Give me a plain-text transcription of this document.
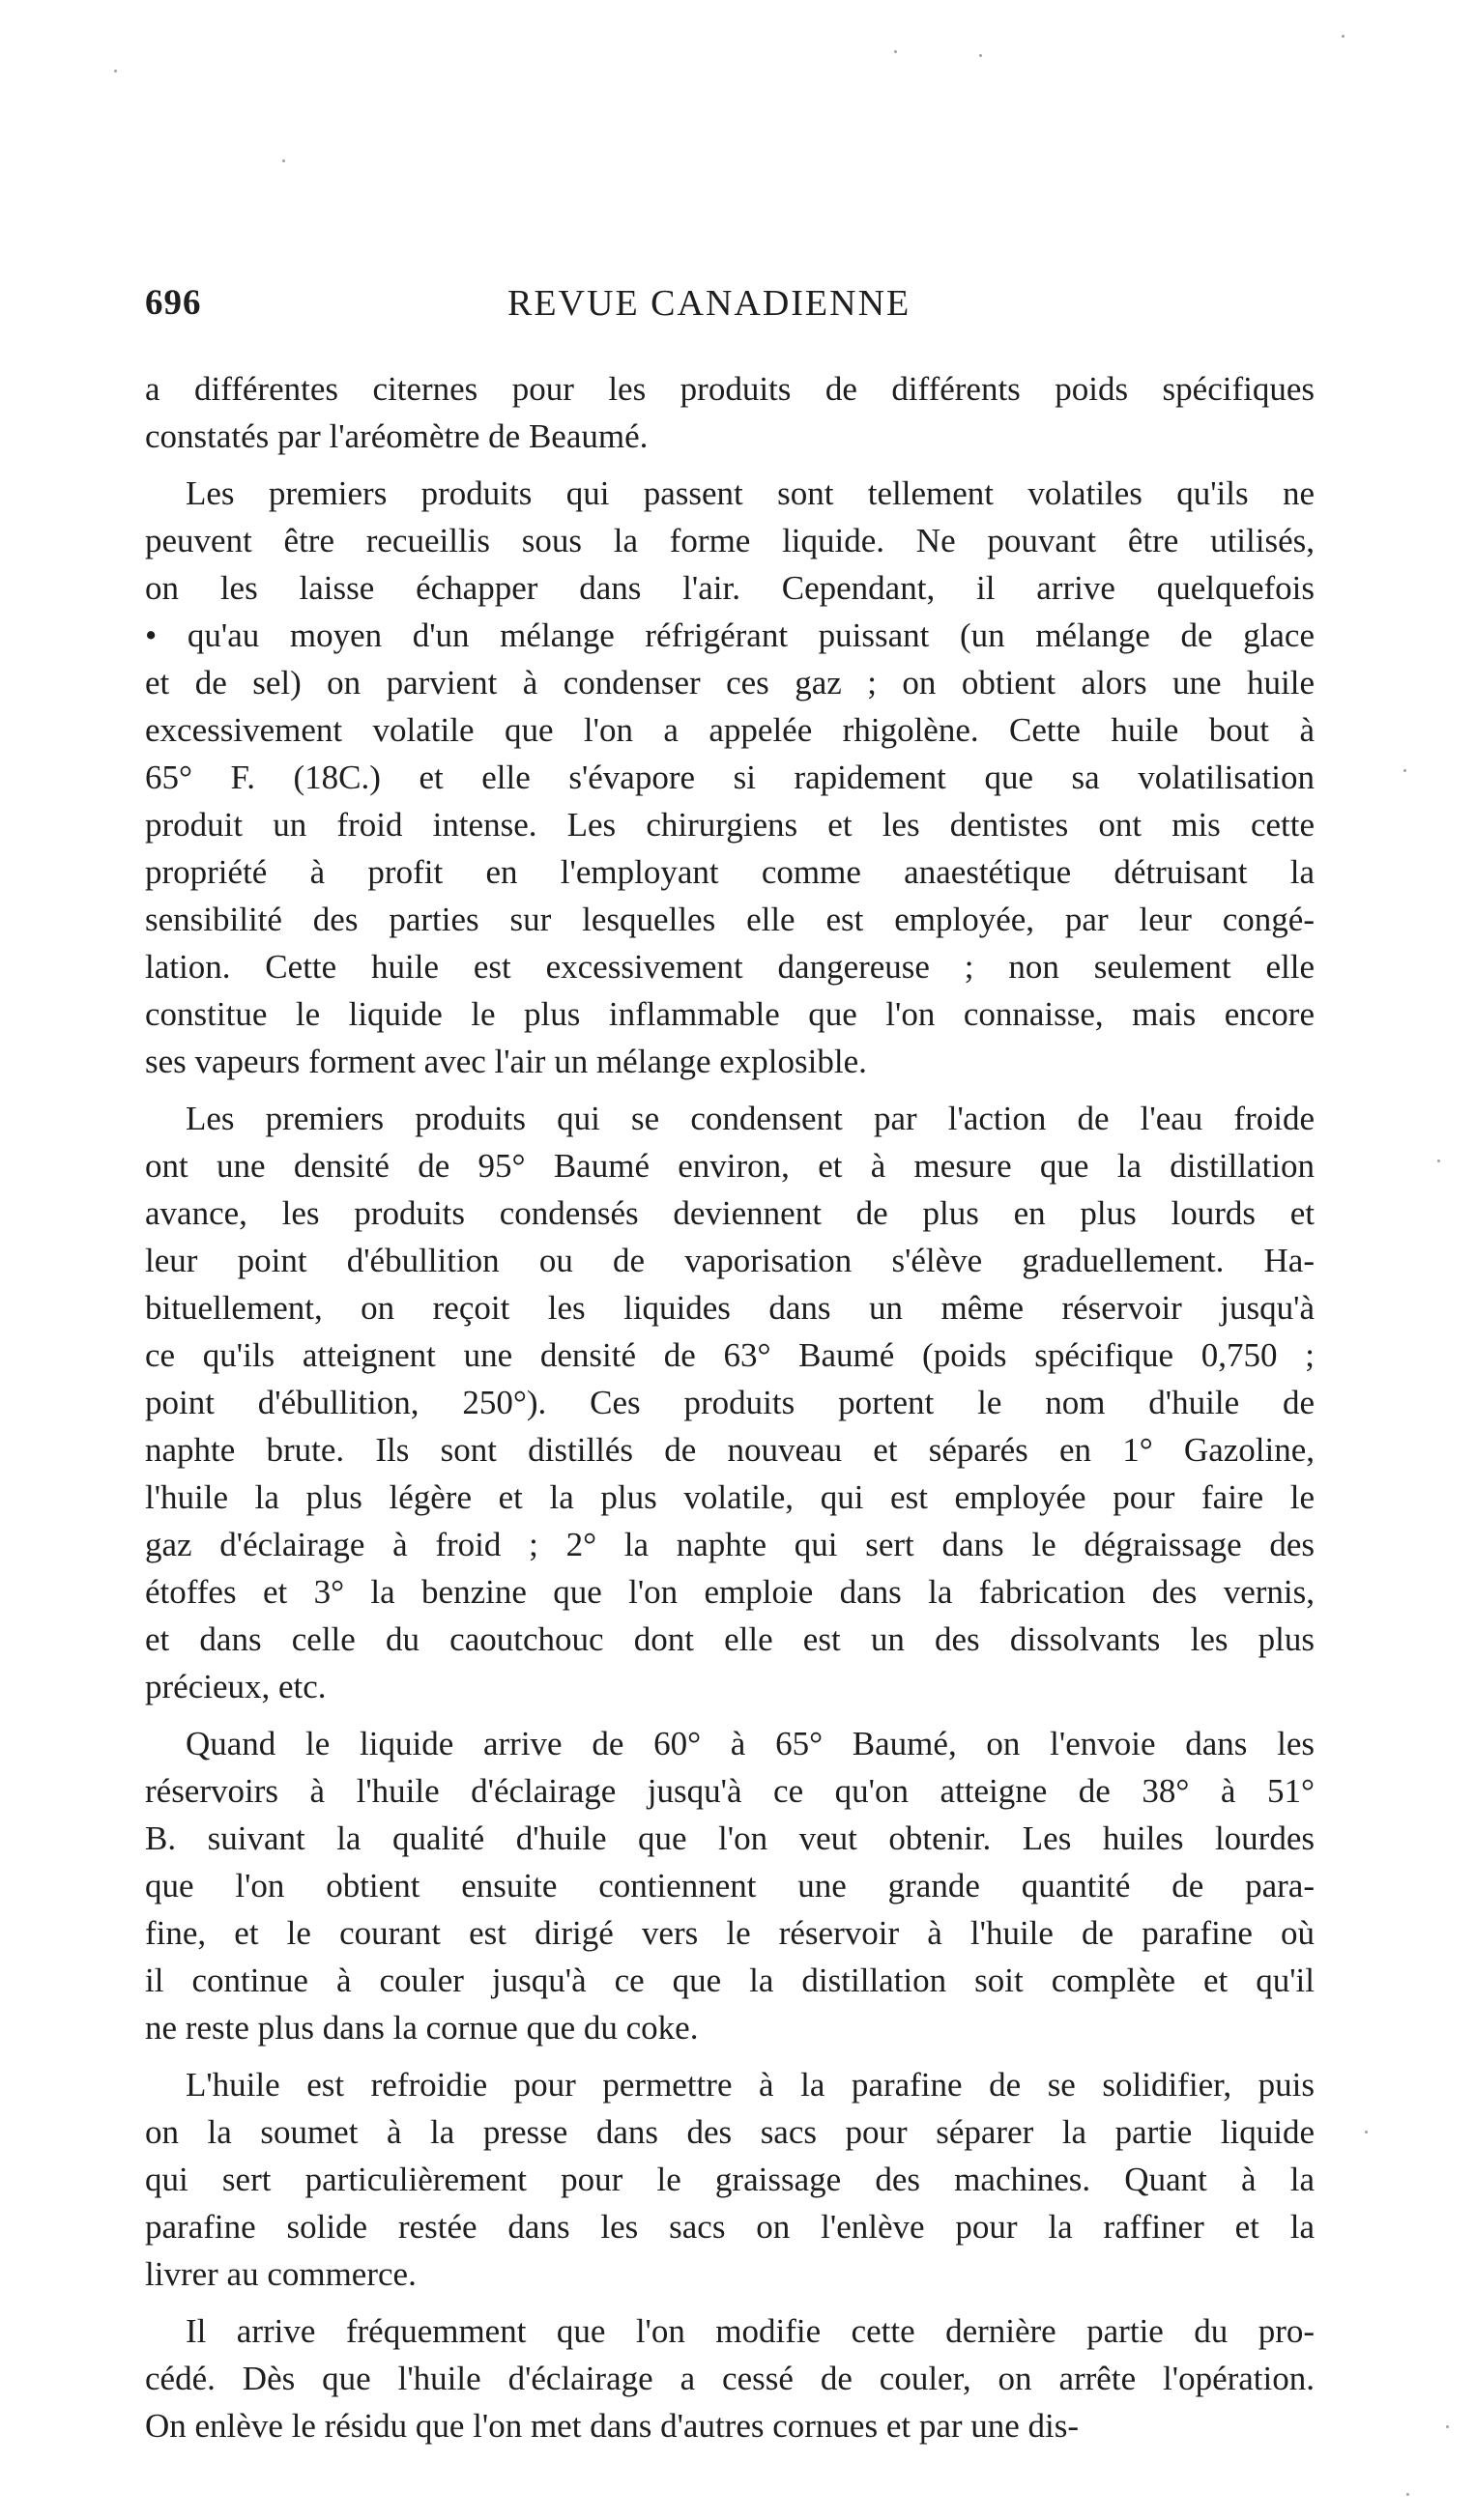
696	REVUE CANADIENNE
a différentes citernes pour les produits de différents poids spécifiques
constatés par l'aréomètre de Beaumé.
Les premiers produits qui passent sont tellement volatiles qu'ils ne
peuvent être recueillis sous la forme liquide. Ne pouvant être utilisés,
on les laisse échapper dans l'air. Cependant, il arrive quelquefois
• qu'au moyen d'un mélange réfrigérant puissant (un mélange de glace
et de sel) on parvient à condenser ces gaz ; on obtient alors une huile
excessivement volatile que l'on a appelée rhigolène. Cette huile bout à
65° F. (18C.) et elle s'évapore si rapidement que sa volatilisation
produit un froid intense. Les chirurgiens et les dentistes ont mis cette
propriété à profit en l'employant comme anaestétique détruisant la
sensibilité des parties sur lesquelles elle est employée, par leur congé-
lation. Cette huile est excessivement dangereuse ; non seulement elle
constitue le liquide le plus inflammable que l'on connaisse, mais encore
ses vapeurs forment avec l'air un mélange explosible.
Les premiers produits qui se condensent par l'action de l'eau froide
ont une densité de 95° Baumé environ, et à mesure que la distillation
avance, les produits condensés deviennent de plus en plus lourds et
leur point d'ébullition ou de vaporisation s'élève graduellement. Ha-
bituellement, on reçoit les liquides dans un même réservoir jusqu'à
ce qu'ils atteignent une densité de 63° Baumé (poids spécifique 0,750 ;
point d'ébullition, 250°). Ces produits portent le nom d'huile de
naphte brute. Ils sont distillés de nouveau et séparés en 1° Gazoline,
l'huile la plus légère et la plus volatile, qui est employée pour faire le
gaz d'éclairage à froid ; 2° la naphte qui sert dans le dégraissage des
étoffes et 3° la benzine que l'on emploie dans la fabrication des vernis,
et dans celle du caoutchouc dont elle est un des dissolvants les plus
précieux, etc.
Quand le liquide arrive de 60° à 65° Baumé, on l'envoie dans les
réservoirs à l'huile d'éclairage jusqu'à ce qu'on atteigne de 38° à 51°
B. suivant la qualité d'huile que l'on veut obtenir. Les huiles lourdes
que l'on obtient ensuite contiennent une grande quantité de para-
fine, et le courant est dirigé vers le réservoir à l'huile de parafine où
il continue à couler jusqu'à ce que la distillation soit complète et qu'il
ne reste plus dans la cornue que du coke.
L'huile est refroidie pour permettre à la parafine de se solidifier, puis
on la soumet à la presse dans des sacs pour séparer la partie liquide
qui sert particulièrement pour le graissage des machines. Quant à la
parafine solide restée dans les sacs on l'enlève pour la raffiner et la
livrer au commerce.
Il arrive fréquemment que l'on modifie cette dernière partie du pro-
cédé. Dès que l'huile d'éclairage a cessé de couler, on arrête l'opération.
On enlève le résidu que l'on met dans d'autres cornues et par une dis-
